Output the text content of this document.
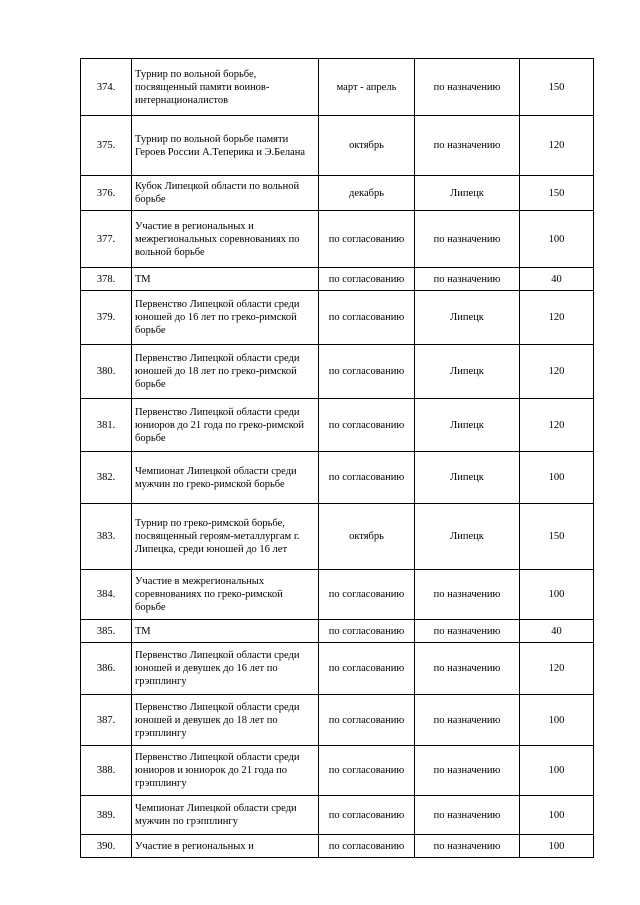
374.	Турнир по вольной борьбе, посвященный памяти воинов-интернационалистов	март - апрель	по назначению	150
375.	Турнир по вольной борьбе памяти Героев России А.Теперика и Э.Белана	октябрь	по назначению	120
376.	Кубок Липецкой области по вольной борьбе	декабрь	Липецк	150
377.	Участие в региональных и межрегиональных соревнованиях по вольной борьбе	по согласованию	по назначению	100
378.	ТМ	по согласованию	по назначению	40
379.	Первенство Липецкой области среди юношей до 16 лет по греко-римской борьбе	по согласованию	Липецк	120
380.	Первенство Липецкой области среди юношей до 18 лет по греко-римской борьбе	по согласованию	Липецк	120
381.	Первенство Липецкой области среди юниоров до 21 года по греко-римской борьбе	по согласованию	Липецк	120
382.	Чемпионат Липецкой области среди мужчин по греко-римской борьбе	по согласованию	Липецк	100
383.	Турнир по греко-римской борьбе, посвященный героям-металлургам г. Липецка, среди юношей до 16 лет	октябрь	Липецк	150
384.	Участие в межрегиональных соревнованиях по греко-римской борьбе	по согласованию	по назначению	100
385.	ТМ	по согласованию	по назначению	40
386.	Первенство Липецкой области среди юношей и девушек до 16 лет по грэпплингу	по согласованию	по назначению	120
387.	Первенство Липецкой области среди юношей и девушек до 18 лет по грэпплингу	по согласованию	по назначению	100
388.	Первенство Липецкой области среди юниоров и юниорок до 21 года по грэпплингу	по согласованию	по назначению	100
389.	Чемпионат Липецкой области среди мужчин по грэпплингу	по согласованию	по назначению	100
390.	Участие в региональных и	по согласованию	по назначению	100
